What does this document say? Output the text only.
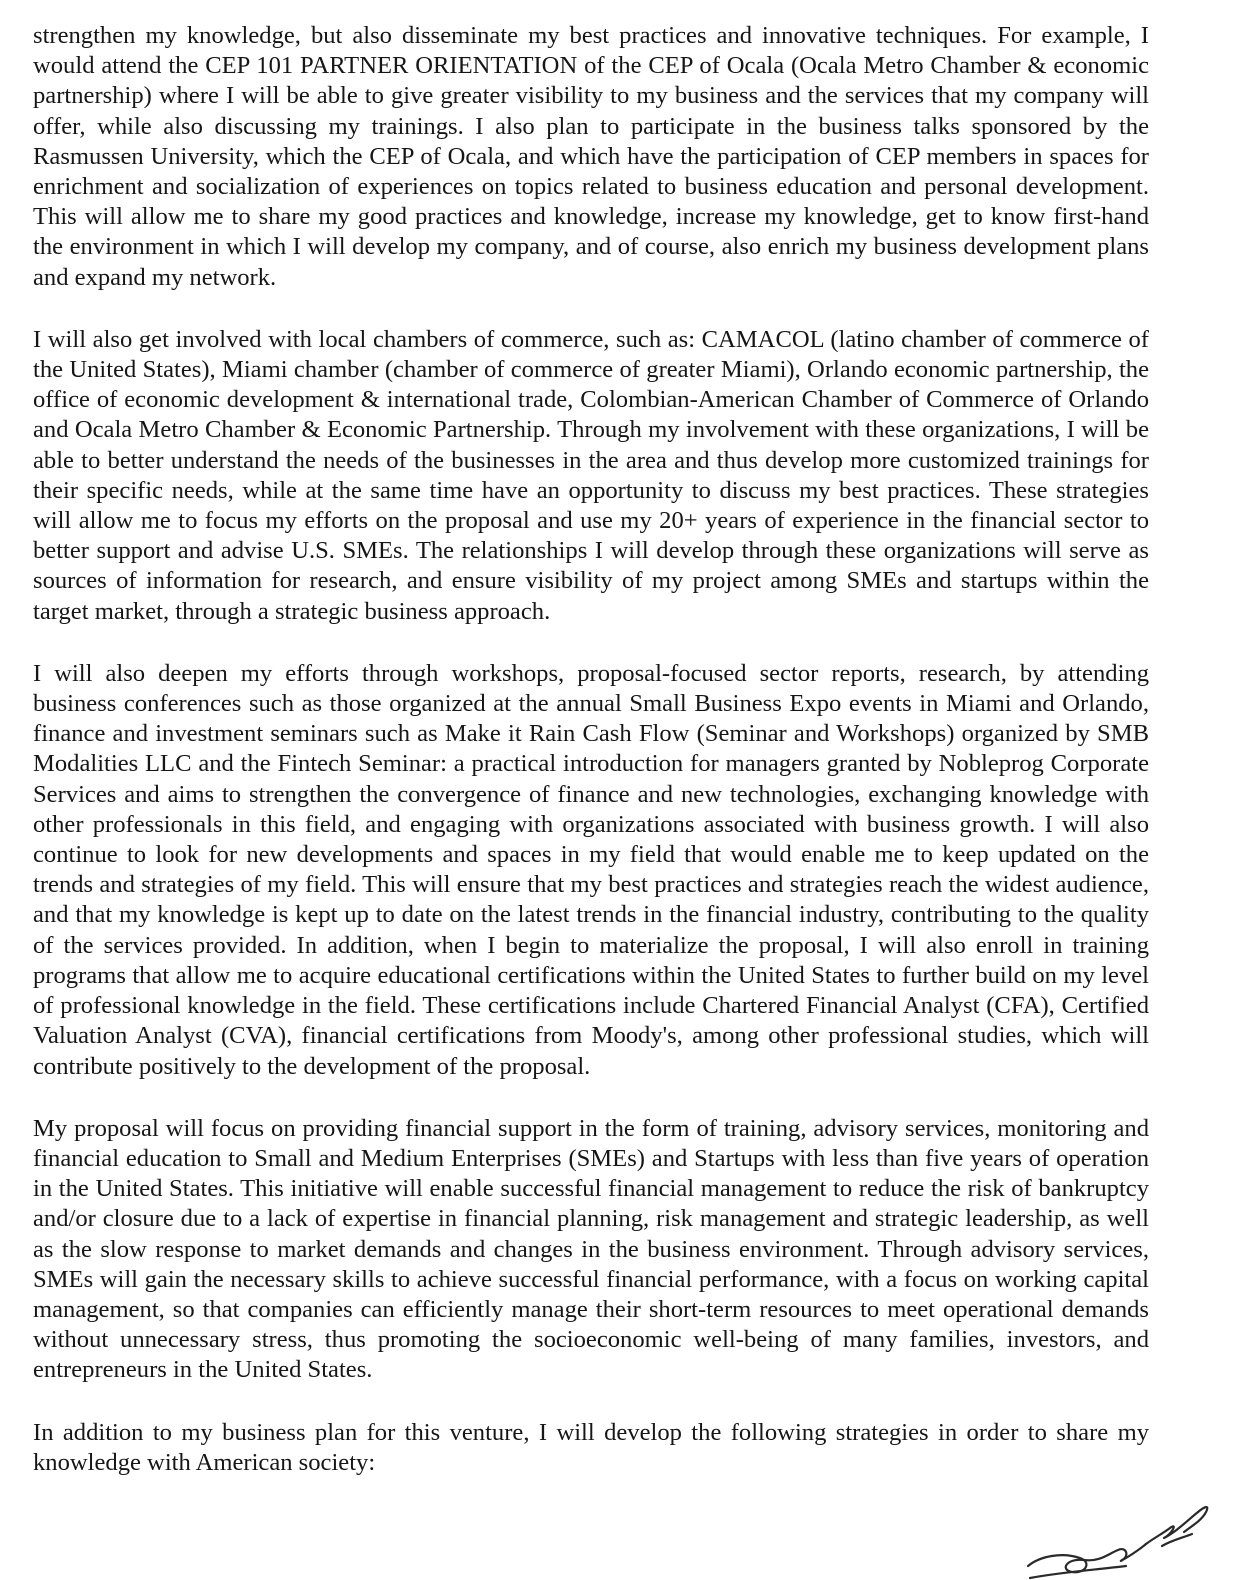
strengthen my knowledge, but also disseminate my best practices and innovative techniques. For example, I would attend the CEP 101 PARTNER ORIENTATION of the CEP of Ocala (Ocala Metro Chamber & economic partnership) where I will be able to give greater visibility to my business and the services that my company will offer, while also discussing my trainings. I also plan to participate in the business talks sponsored by the Rasmussen University, which the CEP of Ocala, and which have the participation of CEP members in spaces for enrichment and socialization of experiences on topics related to business education and personal development. This will allow me to share my good practices and knowledge, increase my knowledge, get to know first-hand the environment in which I will develop my company, and of course, also enrich my business development plans and expand my network.

I will also get involved with local chambers of commerce, such as: CAMACOL (latino chamber of commerce of the United States), Miami chamber (chamber of commerce of greater Miami), Orlando economic partnership, the office of economic development & international trade, Colombian-American Chamber of Commerce of Orlando and Ocala Metro Chamber & Economic Partnership. Through my involvement with these organizations, I will be able to better understand the needs of the businesses in the area and thus develop more customized trainings for their specific needs, while at the same time have an opportunity to discuss my best practices. These strategies will allow me to focus my efforts on the proposal and use my 20+ years of experience in the financial sector to better support and advise U.S. SMEs. The relationships I will develop through these organizations will serve as sources of information for research, and ensure visibility of my project among SMEs and startups within the target market, through a strategic business approach.

I will also deepen my efforts through workshops, proposal-focused sector reports, research, by attending business conferences such as those organized at the annual Small Business Expo events in Miami and Orlando, finance and investment seminars such as Make it Rain Cash Flow (Seminar and Workshops) organized by SMB Modalities LLC and the Fintech Seminar: a practical introduction for managers granted by Nobleprog Corporate Services and aims to strengthen the convergence of finance and new technologies, exchanging knowledge with other professionals in this field, and engaging with organizations associated with business growth. I will also continue to look for new developments and spaces in my field that would enable me to keep updated on the trends and strategies of my field. This will ensure that my best practices and strategies reach the widest audience, and that my knowledge is kept up to date on the latest trends in the financial industry, contributing to the quality of the services provided. In addition, when I begin to materialize the proposal, I will also enroll in training programs that allow me to acquire educational certifications within the United States to further build on my level of professional knowledge in the field. These certifications include Chartered Financial Analyst (CFA), Certified Valuation Analyst (CVA), financial certifications from Moody's, among other professional studies, which will contribute positively to the development of the proposal.

My proposal will focus on providing financial support in the form of training, advisory services, monitoring and financial education to Small and Medium Enterprises (SMEs) and Startups with less than five years of operation in the United States. This initiative will enable successful financial management to reduce the risk of bankruptcy and/or closure due to a lack of expertise in financial planning, risk management and strategic leadership, as well as the slow response to market demands and changes in the business environment. Through advisory services, SMEs will gain the necessary skills to achieve successful financial performance, with a focus on working capital management, so that companies can efficiently manage their short-term resources to meet operational demands without unnecessary stress, thus promoting the socioeconomic well-being of many families, investors, and entrepreneurs in the United States.

In addition to my business plan for this venture, I will develop the following strategies in order to share my knowledge with American society:
